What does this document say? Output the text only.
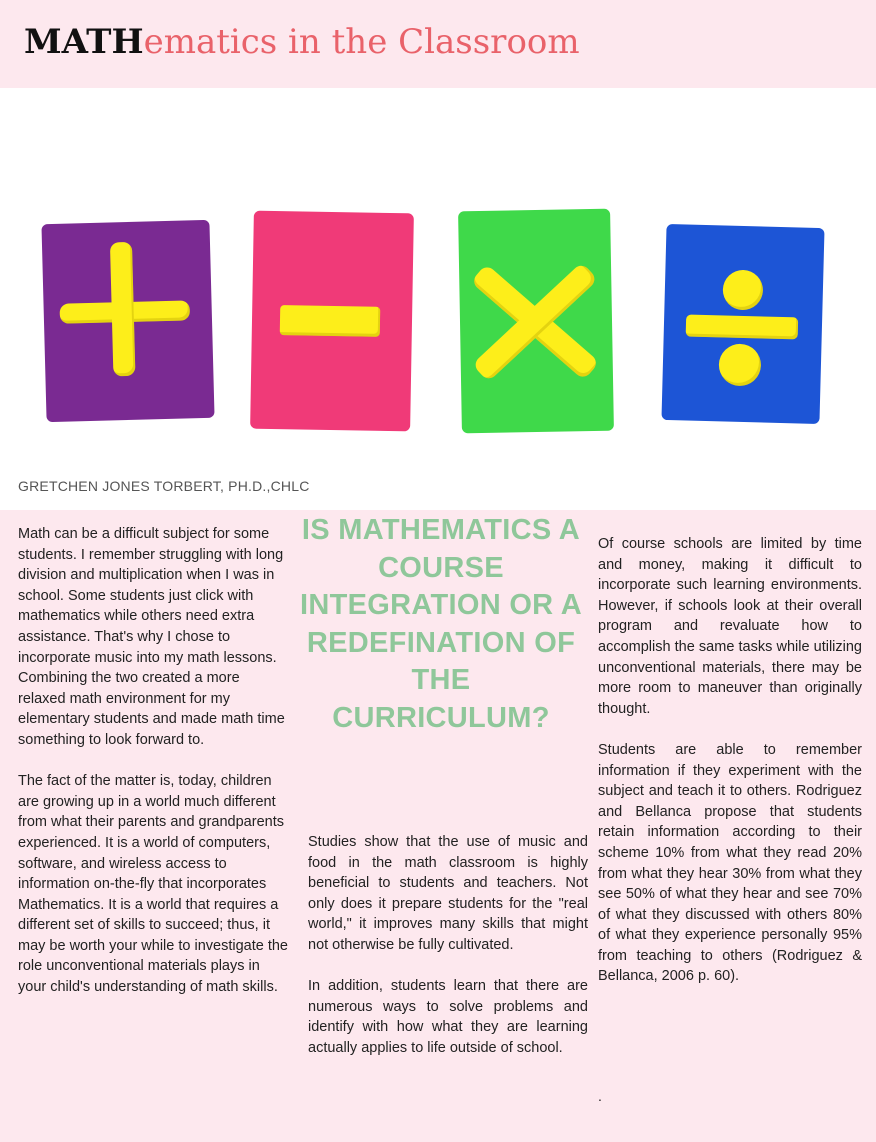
MATHematics in the Classroom
GRETCHEN JONES TORBERT, PH.D.,CHLC

Math can be a difficult subject for some students. I remember struggling with long division and multiplication when I was in school. Some students just click with mathematics while others need extra assistance. That's why I chose to incorporate music into my math lessons. Combining the two created a more relaxed math environment for my elementary students and made math time something to look forward to.

The fact of the matter is, today, children are growing up in a world much different from what their parents and grandparents experienced. It is a world of computers, software, and wireless access to information on-the-fly that incorporates Mathematics. It is a world that requires a different set of skills to succeed; thus, it may be worth your while to investigate the role unconventional materials plays in your child's understanding of math skills.

IS MATHEMATICS A COURSE INTEGRATION OR A REDEFINATION OF THE CURRICULUM?

Studies show that the use of music and food in the math classroom is highly beneficial to students and teachers. Not only does it prepare students for the "real world," it improves many skills that might not otherwise be fully cultivated.

In addition, students learn that there are numerous ways to solve problems and identify with how what they are learning actually applies to life outside of school.

Of course schools are limited by time and money, making it difficult to incorporate such learning environments. However, if schools look at their overall program and revaluate how to accomplish the same tasks while utilizing unconventional materials, there may be more room to maneuver than originally thought.

Students are able to remember information if they experiment with the subject and teach it to others. Rodriguez and Bellanca propose that students retain information according to their scheme 10% from what they read 20% from what they hear 30% from what they see 50% of what they hear and see 70% of what they discussed with others 80% of what they experience personally 95% from teaching to others (Rodriguez & Bellanca, 2006 p. 60).

.
